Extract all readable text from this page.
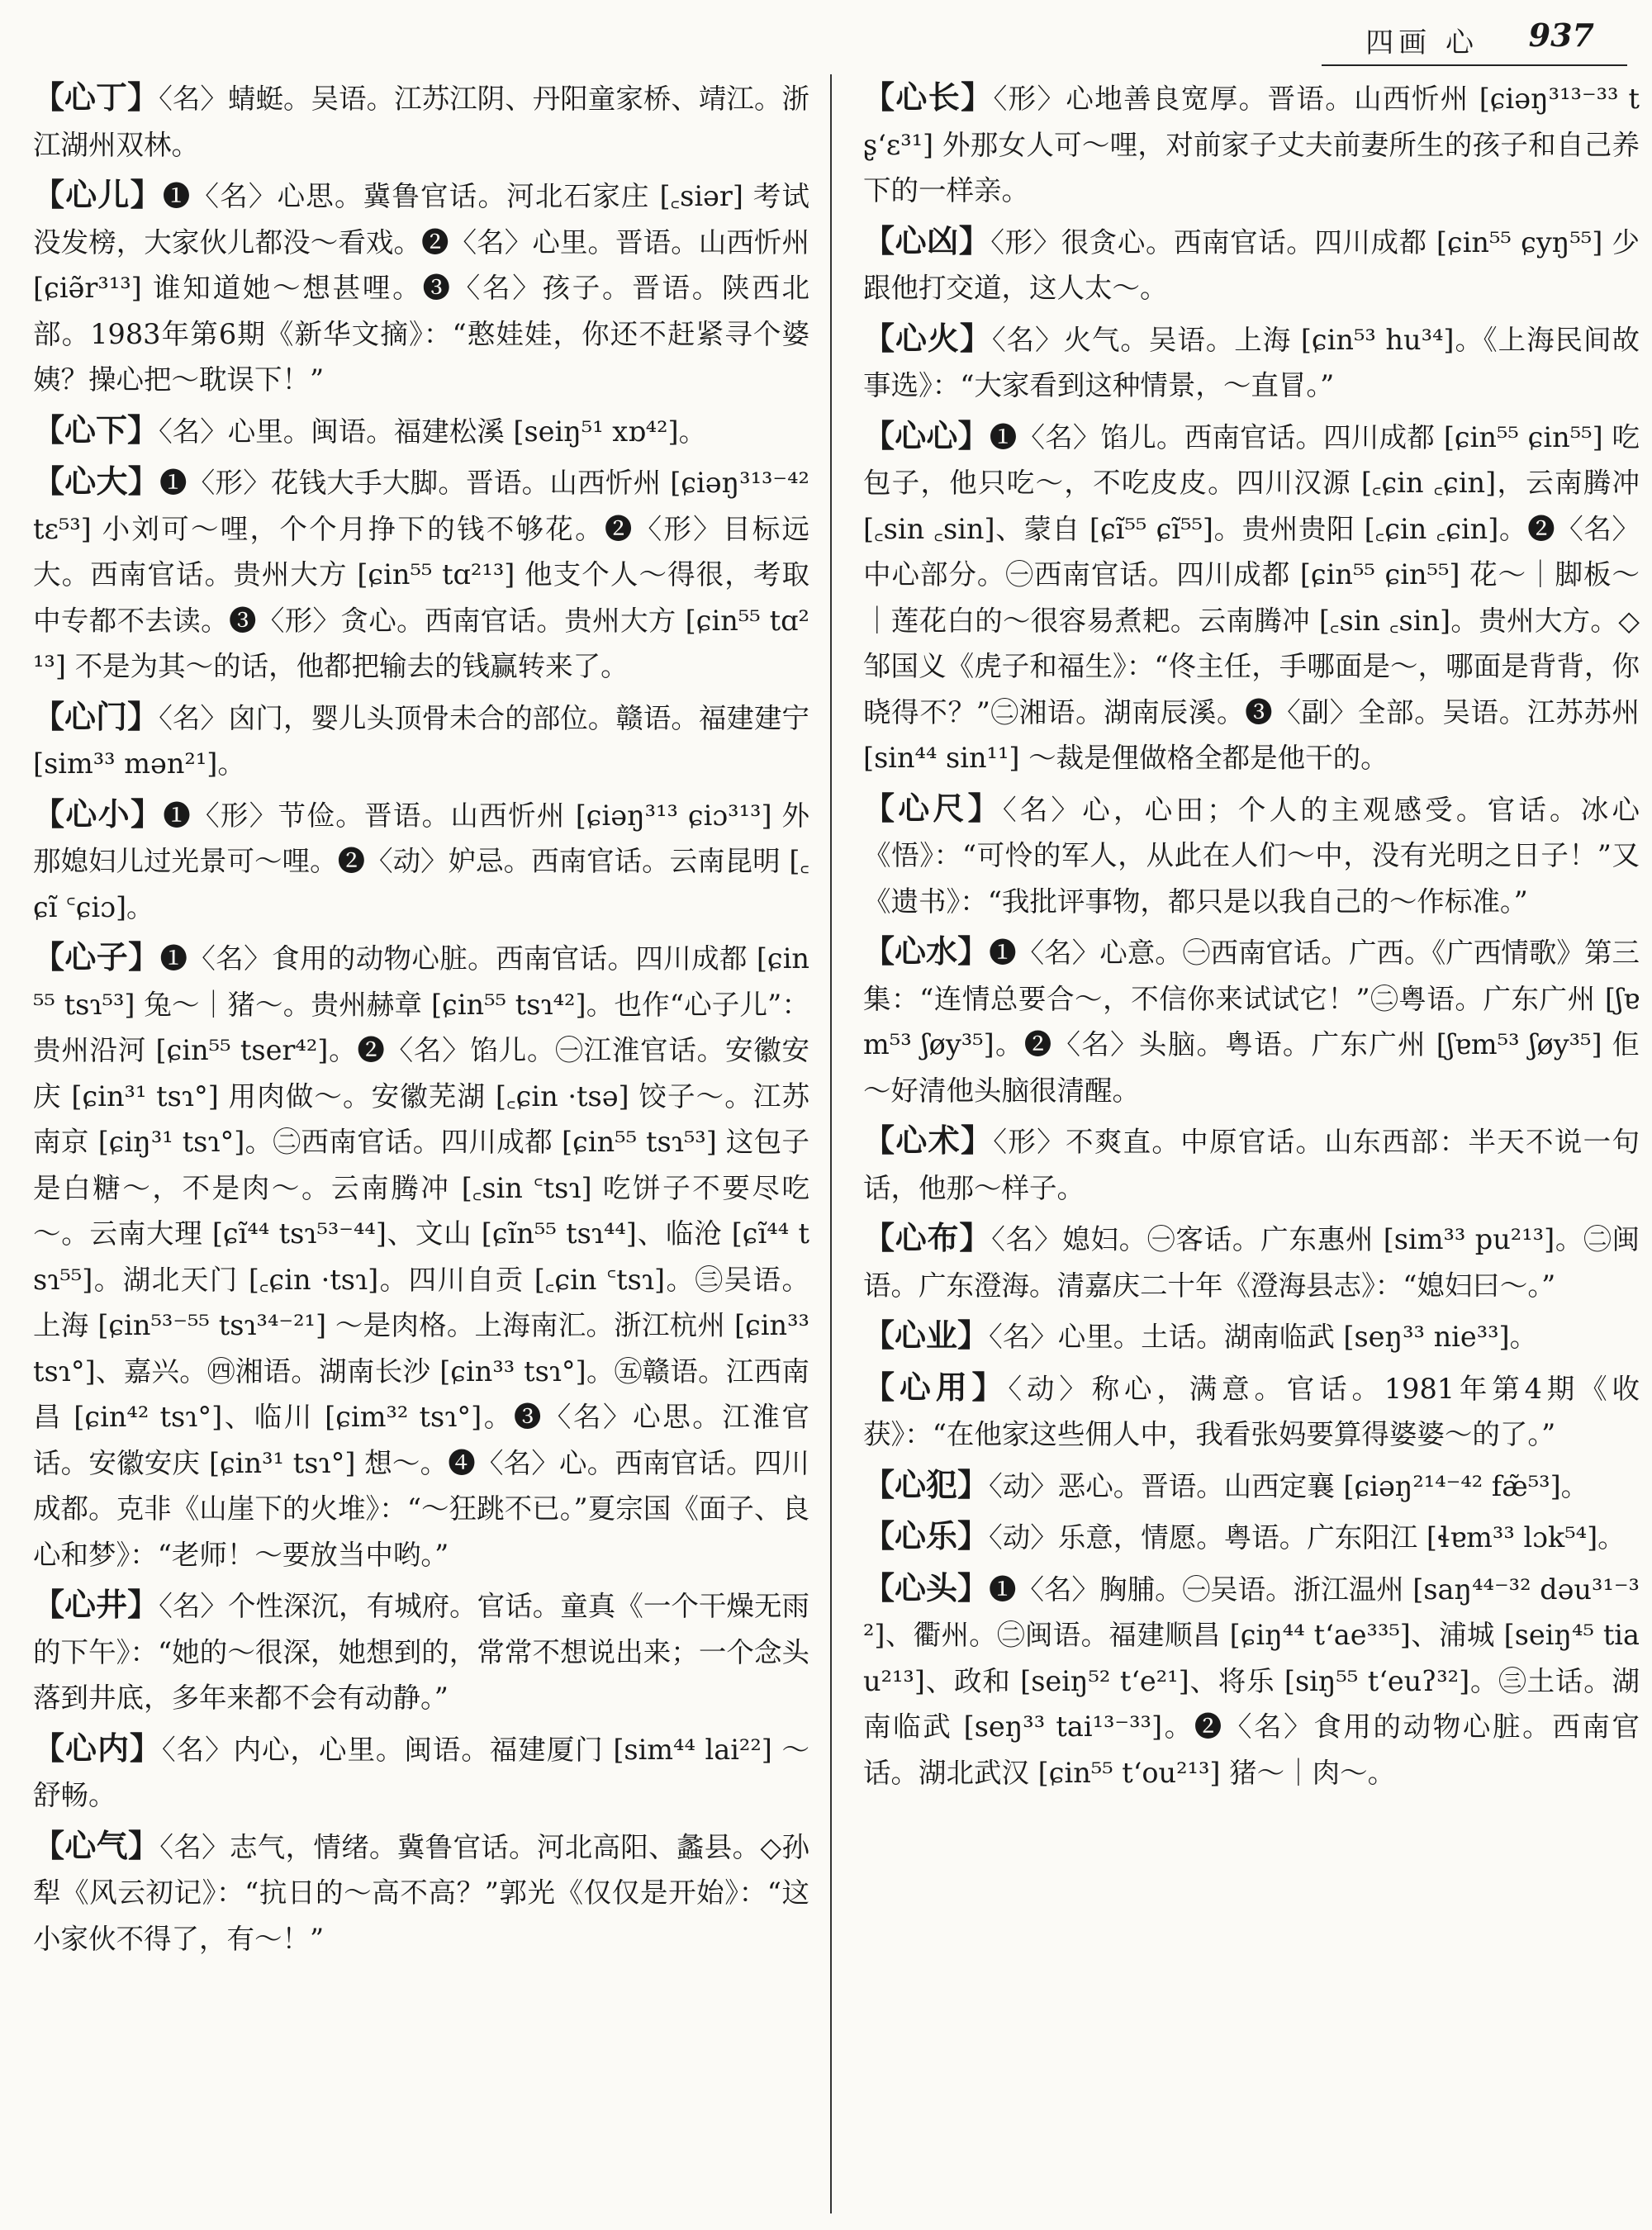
四画 心 937

【心丁】〈名〉蜻蜓。吴语。江苏江阴、丹阳童家桥、靖江。浙江湖州双林。

【心儿】❶〈名〉心思。冀鲁官话。河北石家庄 [꜀siər] 考试没发榜，大家伙儿都没～看戏。❷〈名〉心里。晋语。山西忻州 [ɕiə̃r³¹³] 谁知道她～想甚哩。❸〈名〉孩子。晋语。陕西北部。1983年第6期《新华文摘》：“憨娃娃，你还不赶紧寻个婆姨？操心把～耽误下！”

【心下】〈名〉心里。闽语。福建松溪 [seiŋ⁵¹ xɒ⁴²]。

【心大】❶〈形〉花钱大手大脚。晋语。山西忻州 [ɕiəŋ³¹³⁻⁴² tɛ⁵³] 小刘可～哩，个个月挣下的钱不够花。❷〈形〉目标远大。西南官话。贵州大方 [ɕin⁵⁵ tɑ²¹³] 他支个人～得很，考取中专都不去读。❸〈形〉贪心。西南官话。贵州大方 [ɕin⁵⁵ tɑ²¹³] 不是为其～的话，他都把输去的钱赢转来了。

【心门】〈名〉囟门，婴儿头顶骨未合的部位。赣语。福建建宁 [sim³³ mən²¹]。

【心小】❶〈形〉节俭。晋语。山西忻州 [ɕiəŋ³¹³ ɕiɔ³¹³] 外那媳妇儿过光景可～哩。❷〈动〉妒忌。西南官话。云南昆明 [꜀ɕĩ ꜂ɕiɔ]。

【心子】❶〈名〉食用的动物心脏。西南官话。四川成都 [ɕin⁵⁵ tsɿ⁵³] 兔～｜猪～。贵州赫章 [ɕin⁵⁵ tsɿ⁴²]。也作“心子儿”：贵州沿河 [ɕin⁵⁵ tser⁴²]。❷〈名〉馅儿。㊀江淮官话。安徽安庆 [ɕin³¹ tsɿ°] 用肉做～。安徽芜湖 [꜀ɕin ·tsə] 饺子～。江苏南京 [ɕiŋ³¹ tsɿ°]。㊁西南官话。四川成都 [ɕin⁵⁵ tsɿ⁵³] 这包子是白糖～，不是肉～。云南腾冲 [꜀sin ꜂tsɿ] 吃饼子不要尽吃～。云南大理 [ɕĩ⁴⁴ tsɿ⁵³⁻⁴⁴]、文山 [ɕĩn⁵⁵ tsɿ⁴⁴]、临沧 [ɕĩ⁴⁴ tsɿ⁵⁵]。湖北天门 [꜀ɕin ·tsɿ]。四川自贡 [꜀ɕin ꜂tsɿ]。㊂吴语。上海 [ɕin⁵³⁻⁵⁵ tsɿ³⁴⁻²¹] ～是肉格。上海南汇。浙江杭州 [ɕin³³ tsɿ°]、嘉兴。㊃湘语。湖南长沙 [ɕin³³ tsɿ°]。㊄赣语。江西南昌 [ɕin⁴² tsɿ°]、临川 [ɕim³² tsɿ°]。❸〈名〉心思。江淮官话。安徽安庆 [ɕin³¹ tsɿ°] 想～。❹〈名〉心。西南官话。四川成都。克非《山崖下的火堆》：“～狂跳不已。”夏宗国《面子、良心和梦》：“老师！～要放当中哟。”

【心井】〈名〉个性深沉，有城府。官话。童真《一个干燥无雨的下午》：“她的～很深，她想到的，常常不想说出来；一个念头落到井底，多年来都不会有动静。”

【心内】〈名〉内心，心里。闽语。福建厦门 [sim⁴⁴ lai²²] ～舒畅。

【心气】〈名〉志气，情绪。冀鲁官话。河北高阳、蠡县。◇孙犁《风云初记》：“抗日的～高不高？”郭光《仅仅是开始》：“这小家伙不得了，有～！”

【心长】〈形〉心地善良宽厚。晋语。山西忻州 [ɕiəŋ³¹³⁻³³ tʂ‘ɛ³¹] 外那女人可～哩，对前家子丈夫前妻所生的孩子和自己养下的一样亲。

【心凶】〈形〉很贪心。西南官话。四川成都 [ɕin⁵⁵ ɕyŋ⁵⁵] 少跟他打交道，这人太～。

【心火】〈名〉火气。吴语。上海 [ɕin⁵³ hu³⁴]。《上海民间故事选》：“大家看到这种情景，～直冒。”

【心心】❶〈名〉馅儿。西南官话。四川成都 [ɕin⁵⁵ ɕin⁵⁵] 吃包子，他只吃～，不吃皮皮。四川汉源 [꜀ɕin ꜀ɕin]，云南腾冲 [꜀sin ꜀sin]、蒙自 [ɕĩ⁵⁵ ɕĩ⁵⁵]。贵州贵阳 [꜀ɕin ꜀ɕin]。❷〈名〉中心部分。㊀西南官话。四川成都 [ɕin⁵⁵ ɕin⁵⁵] 花～｜脚板～｜莲花白的～很容易煮耙。云南腾冲 [꜀sin ꜀sin]。贵州大方。◇邹国义《虎子和福生》：“佟主任，手哪面是～，哪面是背背，你晓得不？”㊁湘语。湖南辰溪。❸〈副〉全部。吴语。江苏苏州 [sin⁴⁴ sin¹¹] ～裁是俚做格全都是他干的。

【心尺】〈名〉心，心田；个人的主观感受。官话。冰心《悟》：“可怜的军人，从此在人们～中，没有光明之日子！”又《遗书》：“我批评事物，都只是以我自己的～作标准。”

【心水】❶〈名〉心意。㊀西南官话。广西。《广西情歌》第三集：“连情总要合～，不信你来试试它！”㊁粤语。广东广州 [ʃɐm⁵³ ʃøy³⁵]。❷〈名〉头脑。粤语。广东广州 [ʃɐm⁵³ ʃøy³⁵] 佢～好清他头脑很清醒。

【心术】〈形〉不爽直。中原官话。山东西部：半天不说一句话，他那～样子。

【心布】〈名〉媳妇。㊀客话。广东惠州 [sim³³ pu²¹³]。㊁闽语。广东澄海。清嘉庆二十年《澄海县志》：“媳妇曰～。”

【心业】〈名〉心里。土话。湖南临武 [seŋ³³ nie³³]。

【心用】〈动〉称心，满意。官话。1981年第4期《收获》：“在他家这些佣人中，我看张妈要算得婆婆～的了。”

【心犯】〈动〉恶心。晋语。山西定襄 [ɕiəŋ²¹⁴⁻⁴² fæ̃⁵³]。

【心乐】〈动〉乐意，情愿。粤语。广东阳江 [ɬɐm³³ lɔk⁵⁴]。

【心头】❶〈名〉胸脯。㊀吴语。浙江温州 [saŋ⁴⁴⁻³² dəu³¹⁻³²]、衢州。㊁闽语。福建顺昌 [ɕiŋ⁴⁴ t‘ae³³⁵]、浦城 [seiŋ⁴⁵ tiau²¹³]、政和 [seiŋ⁵² t‘e²¹]、将乐 [siŋ⁵⁵ t‘euʔ³²]。㊂土话。湖南临武 [seŋ³³ tai¹³⁻³³]。❷〈名〉食用的动物心脏。西南官话。湖北武汉 [ɕin⁵⁵ t‘ou²¹³] 猪～｜肉～。
